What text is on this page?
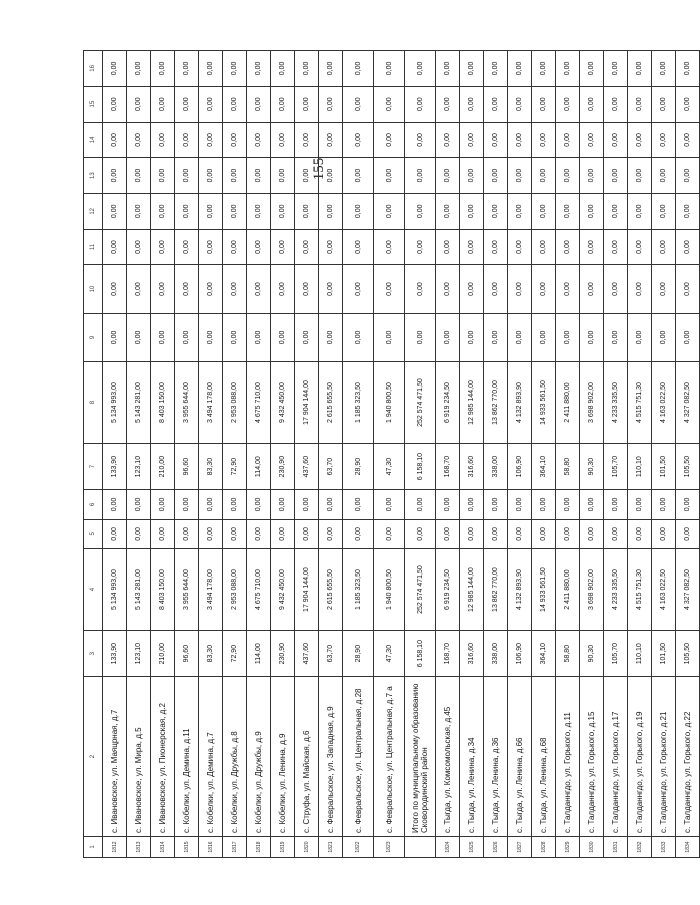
155
1	2	3	4	5	6	7	8	9	10	11	12	13	14	15	16
1812	с. Ивановское, ул. Маяцрная, д.7	133,90	5 134 993,00	0,00	0,00	133,90	5 134 993,00	0,00	0,00	0,00	0,00	0,00	0,00	0,00	0,00
1813	с. Ивановское, ул. Мира, д.5	123,10	5 143 281,00	0,00	0,00	123,10	5 143 281,00	0,00	0,00	0,00	0,00	0,00	0,00	0,00	0,00
1814	с. Ивановское, ул. Пионерская, д.2	210,00	8 403 150,00	0,00	0,00	210,00	8 403 150,00	0,00	0,00	0,00	0,00	0,00	0,00	0,00	0,00
1815	с. Кобелки, ул. Демина, д.11	96,60	3 955 644,00	0,00	0,00	96,60	3 955 644,00	0,00	0,00	0,00	0,00	0,00	0,00	0,00	0,00
1816	с. Кобелки, ул. Демина, д.7	83,30	3 494 178,00	0,00	0,00	83,30	3 494 178,00	0,00	0,00	0,00	0,00	0,00	0,00	0,00	0,00
1817	с. Кобелки, ул. Дружбы, д.8	72,90	2 953 088,00	0,00	0,00	72,90	2 953 088,00	0,00	0,00	0,00	0,00	0,00	0,00	0,00	0,00
1818	с. Кобелки, ул. Дружбы, д.9	114,00	4 675 710,00	0,00	0,00	114,00	4 675 710,00	0,00	0,00	0,00	0,00	0,00	0,00	0,00	0,00
1819	с. Кобелки, ул. Ленина, д.9	230,90	9 432 450,00	0,00	0,00	230,90	9 432 450,00	0,00	0,00	0,00	0,00	0,00	0,00	0,00	0,00
1820	с. Струфа, ул. Майская, д.6	437,60	17 904 144,00	0,00	0,00	437,60	17 904 144,00	0,00	0,00	0,00	0,00	0,00	0,00	0,00	0,00
1821	с. Февральское, ул. Западная, д.9	63,70	2 615 655,50	0,00	0,00	63,70	2 615 655,50	0,00	0,00	0,00	0,00	0,00	0,00	0,00	0,00
1822	с. Февральское, ул. Центральная, д.28	28,90	1 185 323,50	0,00	0,00	28,90	1 185 323,50	0,00	0,00	0,00	0,00	0,00	0,00	0,00	0,00
1823	с. Февральское, ул. Центральная, д.7 а	47,30	1 940 800,50	0,00	0,00	47,30	1 940 800,50	0,00	0,00	0,00	0,00	0,00	0,00	0,00	0,00
	Итого по муниципальному образованию Сковородинский район	6 158,10	252 574 471,50	0,00	0,00	6 158,10	252 574 471,50	0,00	0,00	0,00	0,00	0,00	0,00	0,00	0,00
1824	с. Тыгда, ул. Комсомольская, д.45	168,70	6 919 234,50	0,00	0,00	168,70	6 919 234,50	0,00	0,00	0,00	0,00	0,00	0,00	0,00	0,00
1825	с. Тыгда, ул. Ленина, д.34	316,60	12 985 144,00	0,00	0,00	316,60	12 985 144,00	0,00	0,00	0,00	0,00	0,00	0,00	0,00	0,00
1826	с. Тыгда, ул. Ленина, д.36	338,00	13 862 770,00	0,00	0,00	338,00	13 862 770,00	0,00	0,00	0,00	0,00	0,00	0,00	0,00	0,00
1827	с. Тыгда, ул. Ленина, д.66	106,90	4 132 893,90	0,00	0,00	106,90	4 132 893,90	0,00	0,00	0,00	0,00	0,00	0,00	0,00	0,00
1828	с. Тыгда, ул. Ленина, д.68	364,10	14 933 561,50	0,00	0,00	364,10	14 933 561,50	0,00	0,00	0,00	0,00	0,00	0,00	0,00	0,00
1829	с. Талданнгдо, ул. Горького, д.11	58,80	2 411 880,00	0,00	0,00	58,80	2 411 880,00	0,00	0,00	0,00	0,00	0,00	0,00	0,00	0,00
1830	с. Талданнгдо, ул. Горького, д.15	90,30	3 698 902,00	0,00	0,00	90,30	3 698 902,00	0,00	0,00	0,00	0,00	0,00	0,00	0,00	0,00
1831	с. Талданнгдо, ул. Горького, д.17	105,70	4 233 335,50	0,00	0,00	105,70	4 233 335,50	0,00	0,00	0,00	0,00	0,00	0,00	0,00	0,00
1832	с. Талданнгдо, ул. Горького, д.19	110,10	4 515 751,30	0,00	0,00	110,10	4 515 751,30	0,00	0,00	0,00	0,00	0,00	0,00	0,00	0,00
1833	с. Талданнгдо, ул. Горького, д.21	101,50	4 163 022,50	0,00	0,00	101,50	4 163 022,50	0,00	0,00	0,00	0,00	0,00	0,00	0,00	0,00
1834	с. Талданнгдо, ул. Горького, д.22	105,50	4 327 082,50	0,00	0,00	105,50	4 327 082,50	0,00	0,00	0,00	0,00	0,00	0,00	0,00	0,00
